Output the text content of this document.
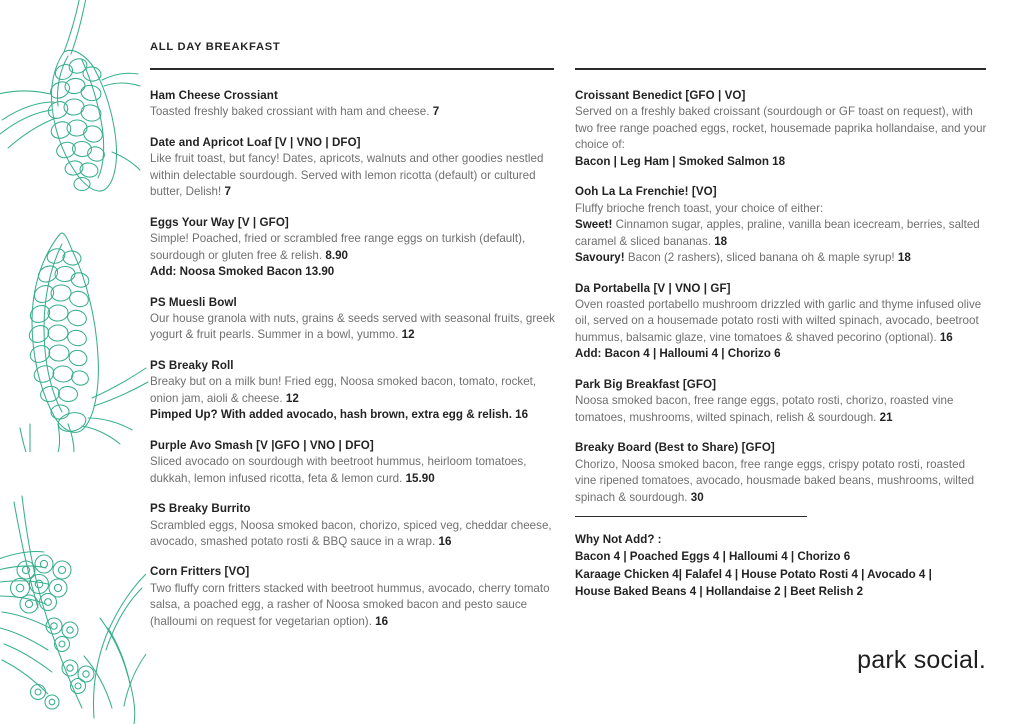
ALL DAY BREAKFAST
Ham Cheese Crossiant
Toasted freshly baked crossiant with ham and cheese. 7
Date and Apricot Loaf [V | VNO | DFO]
Like fruit toast, but fancy! Dates, apricots, walnuts and other goodies nestled within delectable sourdough. Served with lemon ricotta (default) or cultured butter, Delish! 7
Eggs Your Way [V | GFO]
Simple! Poached, fried or scrambled free range eggs on turkish (default), sourdough or gluten free & relish. 8.90
Add: Noosa Smoked Bacon 13.90
PS Muesli Bowl
Our house granola with nuts, grains & seeds served with seasonal fruits, greek yogurt & fruit pearls. Summer in a bowl, yummo. 12
PS Breaky Roll
Breaky but on a milk bun! Fried egg, Noosa smoked bacon, tomato, rocket, onion jam, aioli & cheese. 12
Pimped Up? With added avocado, hash brown, extra egg & relish. 16
Purple Avo Smash [V |GFO | VNO | DFO]
Sliced avocado on sourdough with beetroot hummus, heirloom tomatoes, dukkah, lemon infused ricotta, feta & lemon curd. 15.90
PS Breaky Burrito
Scrambled eggs, Noosa smoked bacon, chorizo, spiced veg, cheddar cheese, avocado, smashed potato rosti & BBQ sauce in a wrap. 16
Corn Fritters [VO]
Two fluffy corn fritters stacked with beetroot hummus, avocado, cherry tomato salsa, a poached egg, a rasher of Noosa smoked bacon and pesto sauce (halloumi on request for vegetarian option). 16
Croissant Benedict [GFO | VO]
Served on a freshly baked croissant (sourdough or GF toast on request), with two free range poached eggs, rocket, housemade paprika hollandaise, and your choice of:
Bacon | Leg Ham | Smoked Salmon 18
Ooh La La Frenchie! [VO]
Fluffy brioche french toast, your choice of either:
Sweet! Cinnamon sugar, apples, praline, vanilla bean icecream, berries, salted caramel & sliced bananas. 18
Savoury! Bacon (2 rashers), sliced banana oh & maple syrup! 18
Da Portabella [V | VNO | GF]
Oven roasted portabello mushroom drizzled with garlic and thyme infused olive oil, served on a housemade potato rosti with wilted spinach, avocado, beetroot hummus, balsamic glaze, vine tomatoes & shaved pecorino (optional). 16
Add: Bacon 4 | Halloumi 4 | Chorizo 6
Park Big Breakfast [GFO]
Noosa smoked bacon, free range eggs, potato rosti, chorizo, roasted vine tomatoes, mushrooms, wilted spinach, relish & sourdough. 21
Breaky Board (Best to Share) [GFO]
Chorizo, Noosa smoked bacon, free range eggs, crispy potato rosti, roasted vine ripened tomatoes, avocado, housmade baked beans, mushrooms, wilted spinach & sourdough. 30
Why Not Add? :
Bacon 4 | Poached Eggs 4 | Halloumi 4 | Chorizo 6
Karaage Chicken 4| Falafel 4 | House Potato Rosti 4 | Avocado 4 |
House Baked Beans 4 | Hollandaise 2 | Beet Relish 2
park social.
